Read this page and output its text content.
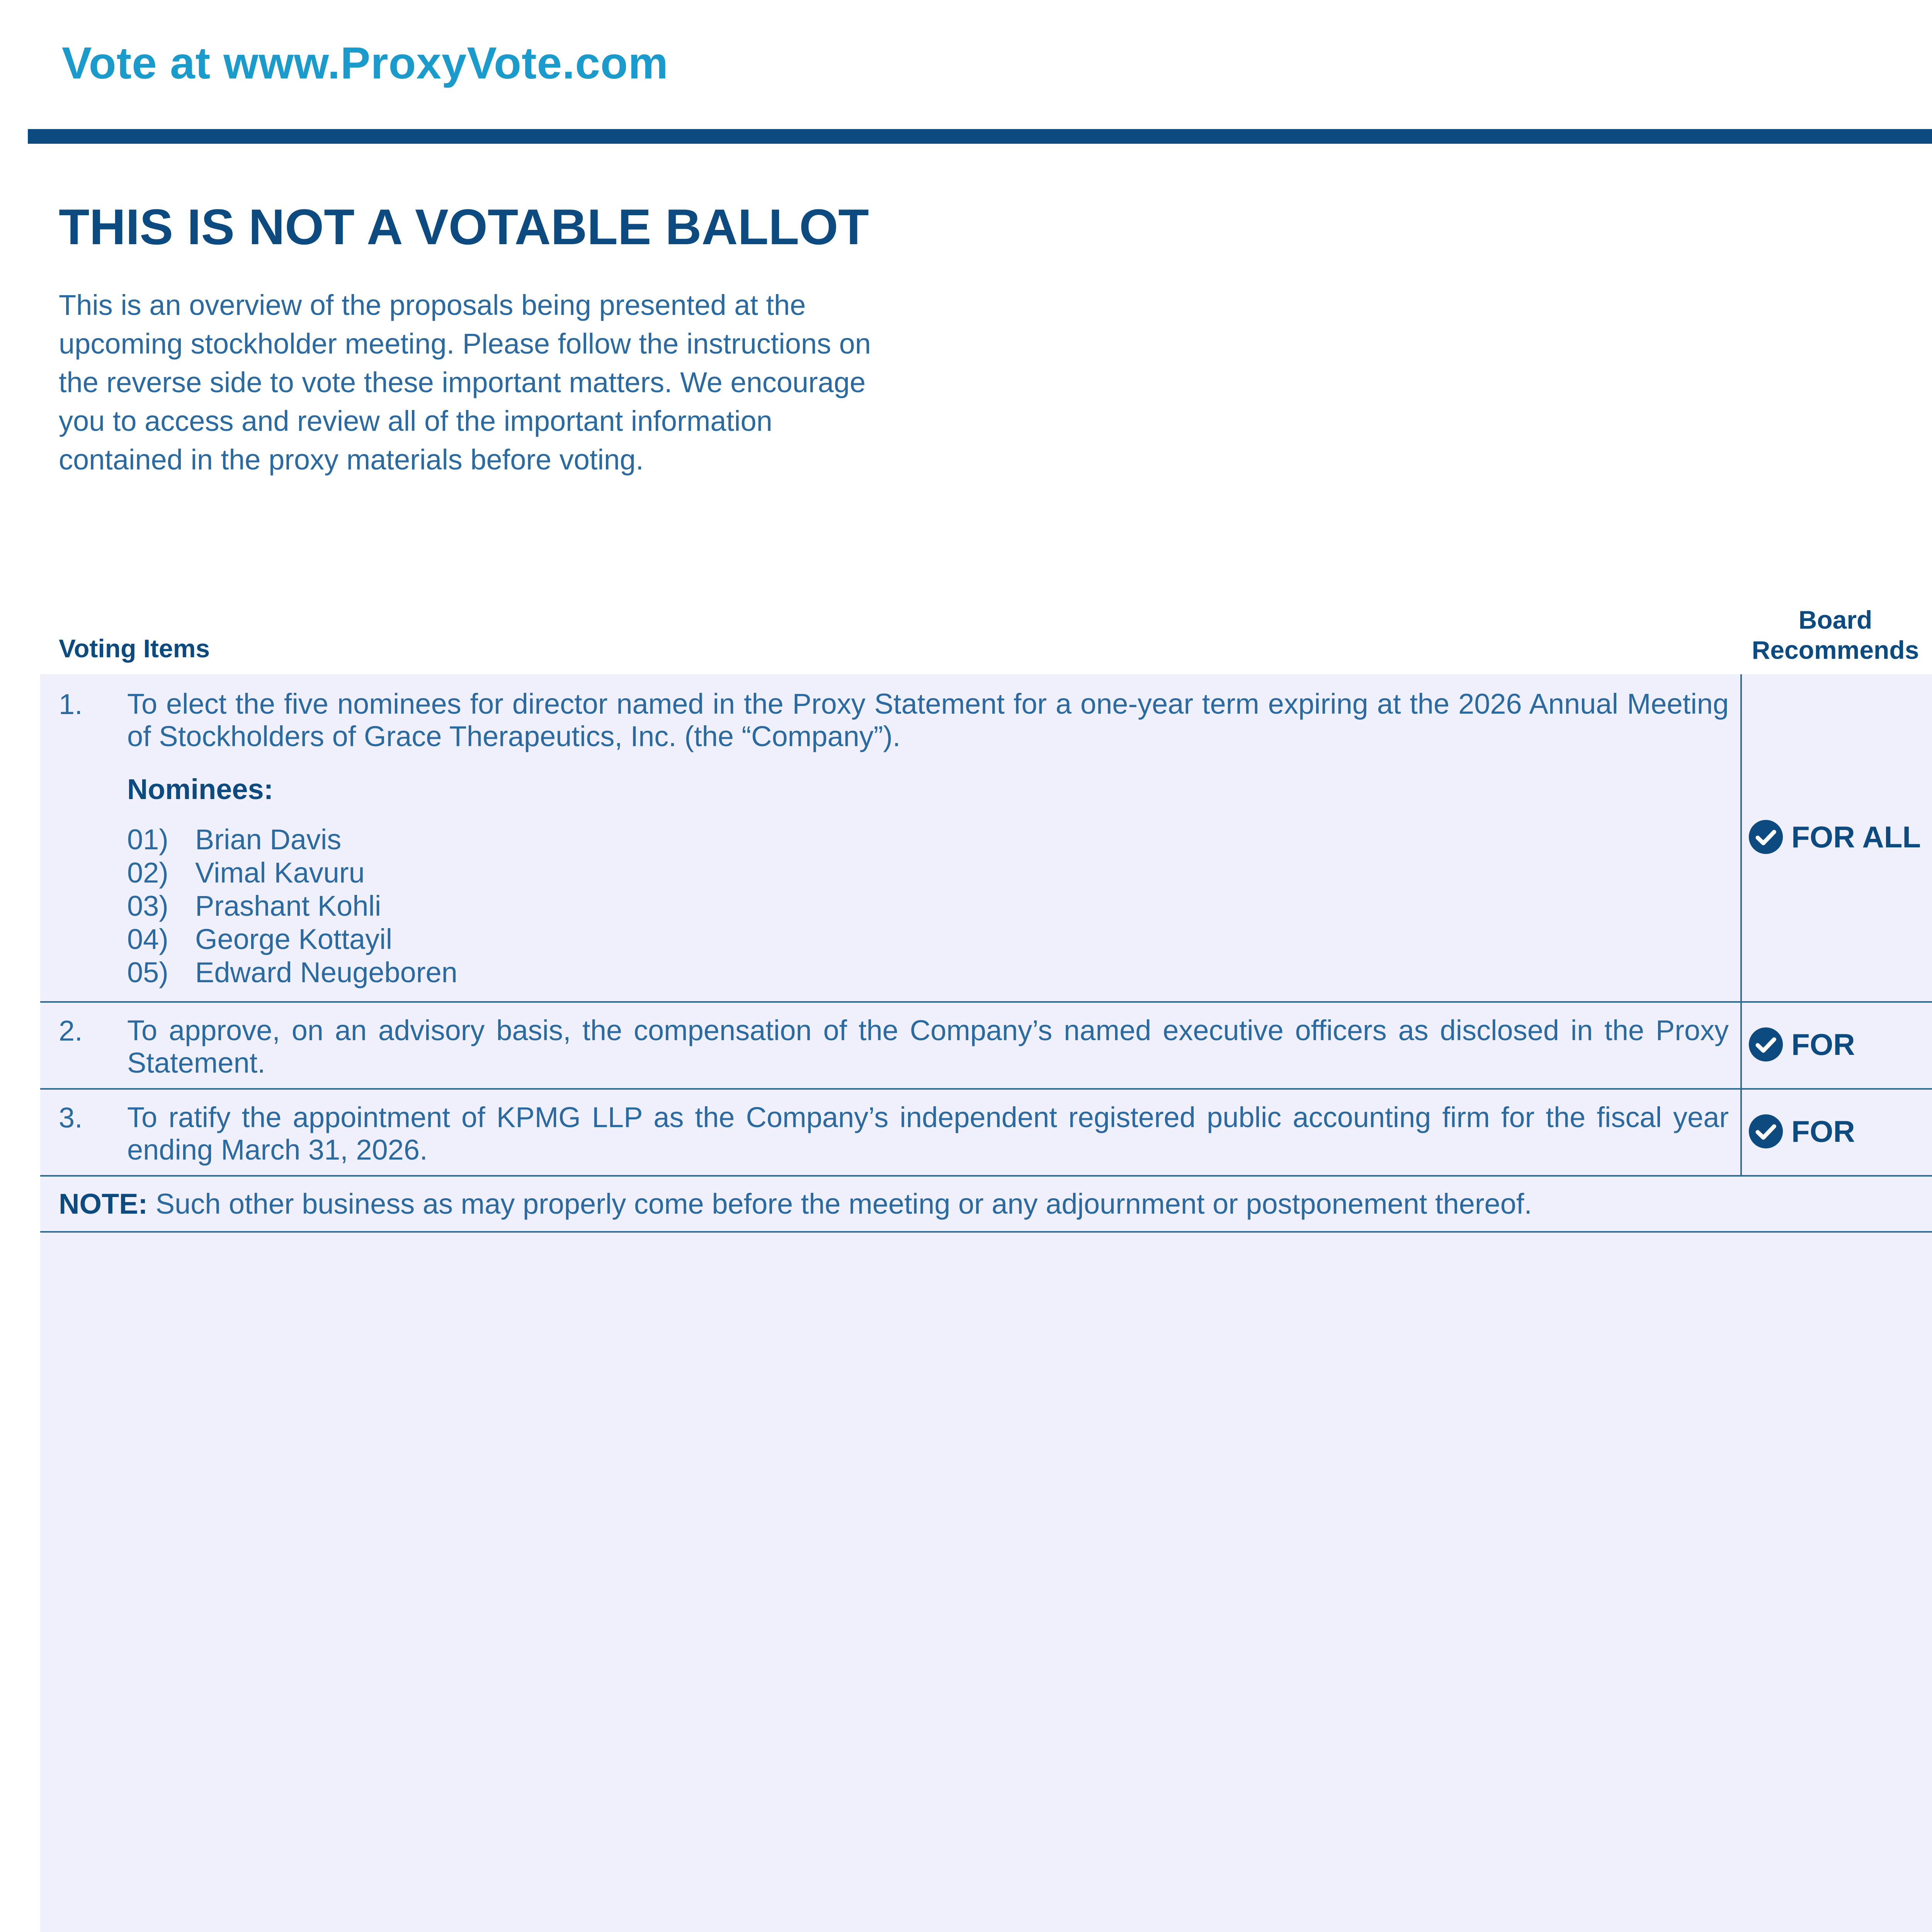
Vote at www.ProxyVote.com
THIS IS NOT A VOTABLE BALLOT
This is an overview of the proposals being presented at the
upcoming stockholder meeting. Please follow the instructions on
the reverse side to vote these important matters. We encourage
you to access and review all of the important information
contained in the proxy materials before voting.
Voting Items
Board
Recommends
1. To elect the five nominees for director named in the Proxy Statement for a one-year term expiring at the 2026 Annual Meeting of Stockholders of Grace Therapeutics, Inc. (the “Company”).
Nominees:
01) Brian Davis
02) Vimal Kavuru
03) Prashant Kohli
04) George Kottayil
05) Edward Neugeboren
FOR ALL
2. To approve, on an advisory basis, the compensation of the Company’s named executive officers as disclosed in the Proxy Statement.
FOR
3. To ratify the appointment of KPMG LLP as the Company’s independent registered public accounting firm for the fiscal year ending March 31, 2026.
FOR
NOTE: Such other business as may properly come before the meeting or any adjournment or postponement thereof.
